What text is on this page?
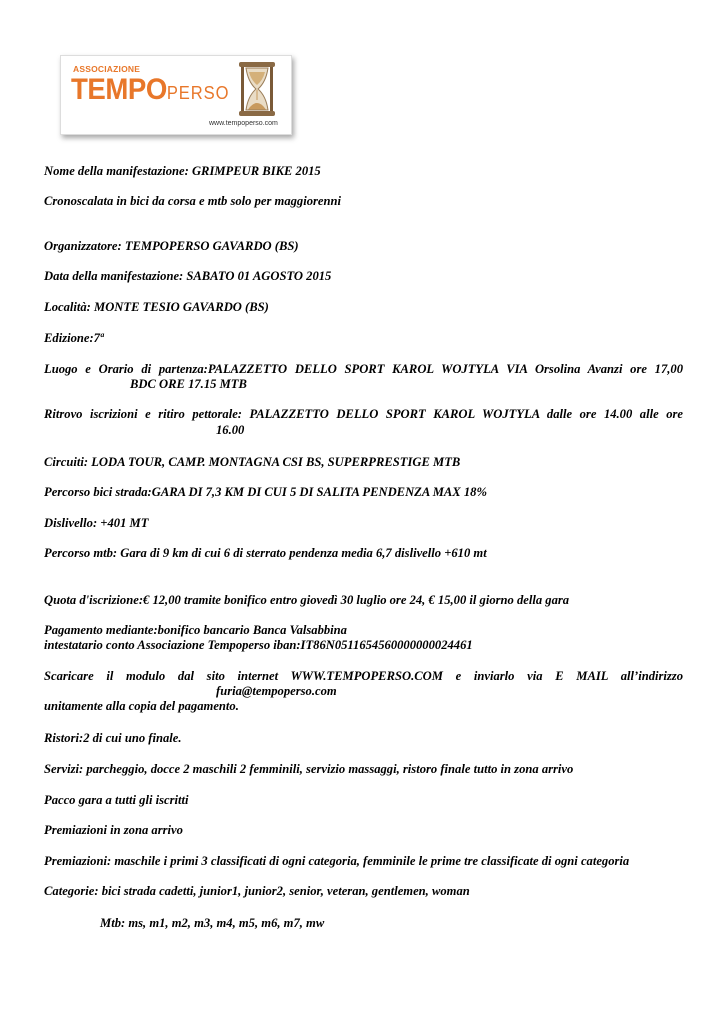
ASSOCIAZIONE
TEMPOPERSO
www.tempoperso.com
Nome della manifestazione: GRIMPEUR BIKE 2015
Cronoscalata in bici da corsa e mtb solo per maggiorenni
Organizzatore: TEMPOPERSO GAVARDO (BS)
Data della manifestazione: SABATO 01 AGOSTO 2015
Località: MONTE TESIO GAVARDO (BS)
Edizione:7ª
Luogo e Orario di partenza:PALAZZETTO DELLO SPORT KAROL WOJTYLA VIA Orsolina Avanzi ore 17,00
BDC ORE 17.15 MTB
Ritrovo iscrizioni e ritiro pettorale: PALAZZETTO DELLO SPORT KAROL WOJTYLA dalle ore 14.00 alle ore
16.00
Circuiti: LODA TOUR, CAMP. MONTAGNA CSI BS, SUPERPRESTIGE MTB
Percorso bici strada:GARA DI 7,3 KM DI CUI 5 DI SALITA PENDENZA MAX 18%
Dislivello: +401 MT
Percorso mtb: Gara di 9 km di cui 6 di sterrato pendenza media 6,7 dislivello +610 mt
Quota d'iscrizione:€ 12,00 tramite bonifico entro giovedì 30 luglio ore 24, € 15,00 il giorno della gara
Pagamento mediante:bonifico bancario Banca Valsabbina
intestatario conto Associazione Tempoperso iban:IT86N0511654560000000024461
Scaricare il modulo dal sito internet WWW.TEMPOPERSO.COM e inviarlo via E MAIL all’indirizzo
furia@tempoperso.com
unitamente alla copia del pagamento.
Ristori:2 di cui uno finale.
Servizi: parcheggio, docce 2 maschili 2 femminili, servizio massaggi, ristoro finale tutto in zona arrivo
Pacco gara a tutti gli iscritti
Premiazioni in zona arrivo
Premiazioni: maschile i primi 3 classificati di ogni categoria, femminile le prime tre classificate di ogni categoria
Categorie: bici strada cadetti, junior1, junior2, senior, veteran, gentlemen, woman
Mtb: ms, m1, m2, m3, m4, m5, m6, m7, mw
